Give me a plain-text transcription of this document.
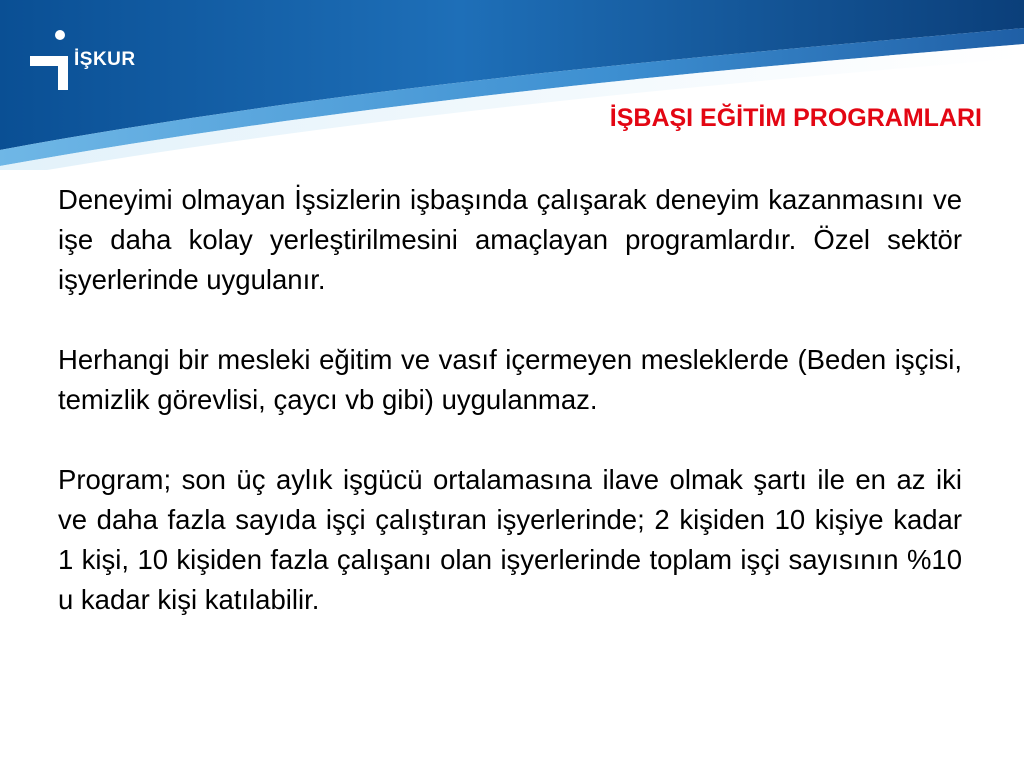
İŞKUR
İŞBAŞI EĞİTİM PROGRAMLARI

Deneyimi olmayan İşsizlerin işbaşında çalışarak deneyim kazanmasını ve işe daha kolay yerleştirilmesini amaçlayan programlardır. Özel sektör işyerlerinde uygulanır.

Herhangi bir mesleki eğitim ve vasıf içermeyen mesleklerde (Beden işçisi, temizlik görevlisi, çaycı vb gibi) uygulanmaz.

Program; son üç aylık işgücü ortalamasına ilave olmak şartı ile en az iki ve daha fazla sayıda işçi çalıştıran işyerlerinde; 2 kişiden 10 kişiye kadar 1 kişi, 10 kişiden fazla çalışanı olan işyerlerinde toplam işçi sayısının %10 u kadar kişi katılabilir.
